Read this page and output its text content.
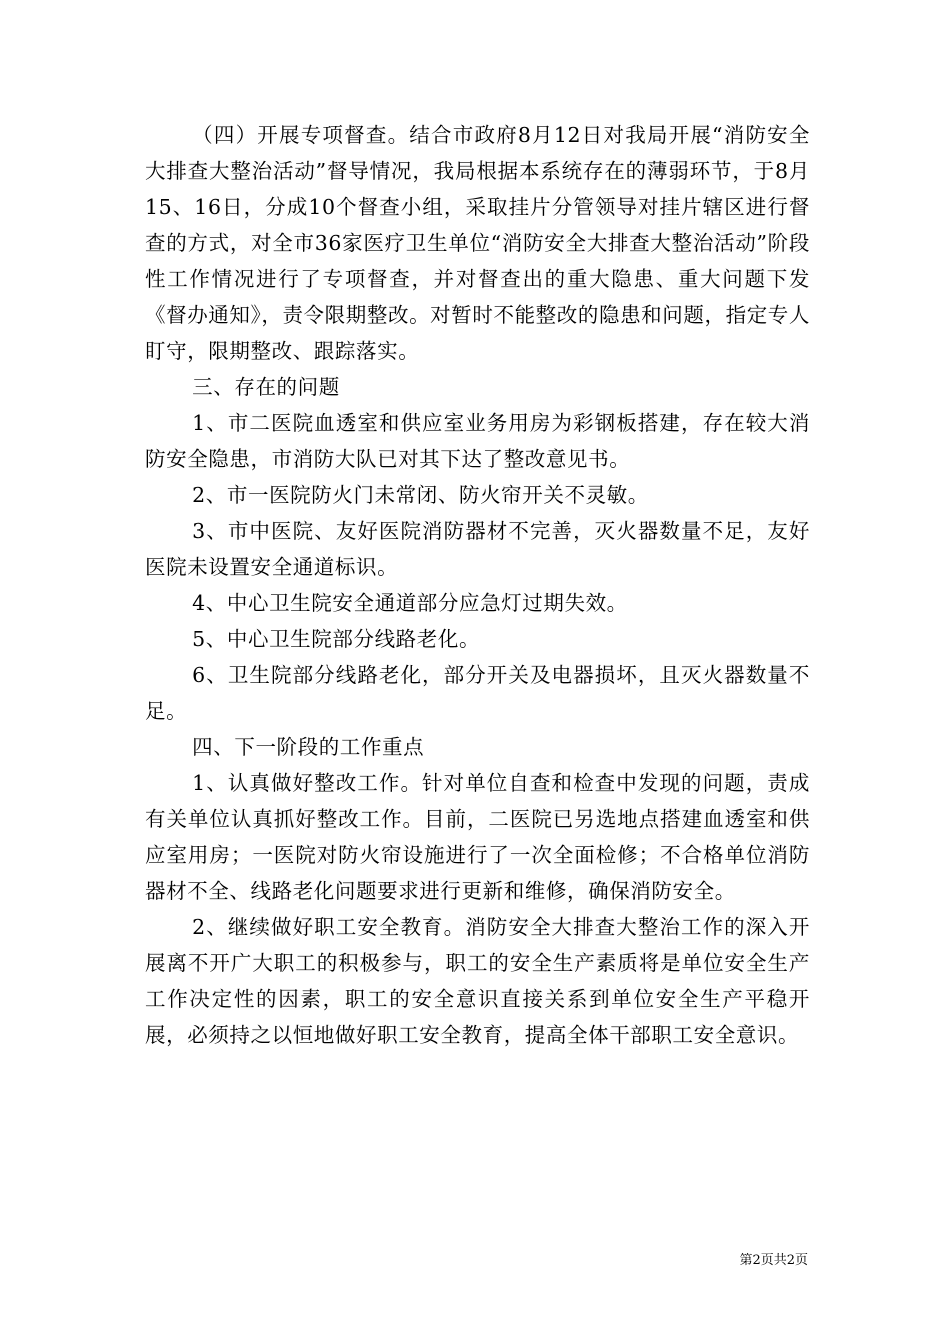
（四）开展专项督查。结合市政府8月12日对我局开展“消防安全大排查大整治活动”督导情况，我局根据本系统存在的薄弱环节，于8月15、16日，分成10个督查小组，采取挂片分管领导对挂片辖区进行督查的方式，对全市36家医疗卫生单位“消防安全大排查大整治活动”阶段性工作情况进行了专项督查，并对督查出的重大隐患、重大问题下发《督办通知》，责令限期整改。对暂时不能整改的隐患和问题，指定专人盯守，限期整改、跟踪落实。

三、存在的问题

1、市二医院血透室和供应室业务用房为彩钢板搭建，存在较大消防安全隐患，市消防大队已对其下达了整改意见书。

2、市一医院防火门未常闭、防火帘开关不灵敏。

3、市中医院、友好医院消防器材不完善，灭火器数量不足，友好医院未设置安全通道标识。

4、中心卫生院安全通道部分应急灯过期失效。

5、中心卫生院部分线路老化。

6、卫生院部分线路老化，部分开关及电器损坏，且灭火器数量不足。

四、下一阶段的工作重点

1、认真做好整改工作。针对单位自查和检查中发现的问题，责成有关单位认真抓好整改工作。目前，二医院已另选地点搭建血透室和供应室用房；一医院对防火帘设施进行了一次全面检修；不合格单位消防器材不全、线路老化问题要求进行更新和维修，确保消防安全。

2、继续做好职工安全教育。消防安全大排查大整治工作的深入开展离不开广大职工的积极参与，职工的安全生产素质将是单位安全生产工作决定性的因素，职工的安全意识直接关系到单位安全生产平稳开展，必须持之以恒地做好职工安全教育，提高全体干部职工安全意识。

第2页共2页
